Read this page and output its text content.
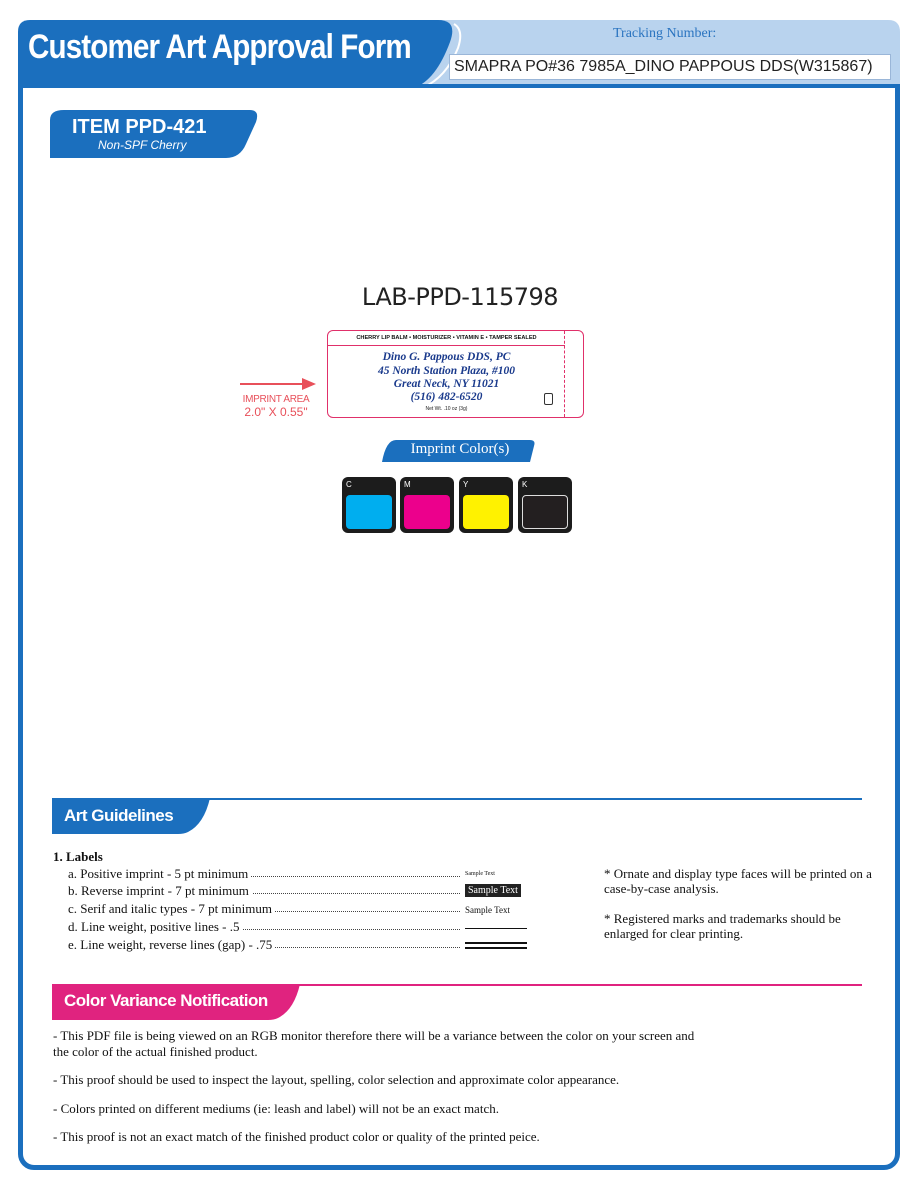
Customer Art Approval Form	Tracking Number:
SMAPRA PO#36 7985A_DINO PAPPOUS DDS(W315867)
ITEM PPD-421
Non-SPF Cherry
LAB-PPD-115798
CHERRY LIP BALM • MOISTURIZER • VITAMIN E • TAMPER SEALED
Dino G. Pappous DDS, PC
45 North Station Plaza, #100
Great Neck, NY 11021
(516) 482-6520
Net Wt. .10 oz (3g)
IMPRINT AREA
2.0" X 0.55"
Imprint Color(s)
C	M	Y	K
Art Guidelines
1. Labels
a. Positive imprint - 5 pt minimum
b. Reverse imprint - 7 pt minimum
c. Serif and italic types - 7 pt minimum
d. Line weight, positive lines - .5
e. Line weight, reverse lines (gap) - .75
Sample Text
Sample Text
Sample Text
* Ornate and display type faces will be printed on a case-by-case analysis.
* Registered marks and trademarks should be enlarged for clear printing.
Color Variance Notification
- This PDF file is being viewed on an RGB monitor therefore there will be a variance between the color on your screen and the color of the actual finished product.
- This proof should be used to inspect the layout, spelling, color selection and approximate color appearance.
- Colors printed on different mediums (ie: leash and label) will not be an exact match.
- This proof is not an exact match of the finished product color or quality of the printed peice.
